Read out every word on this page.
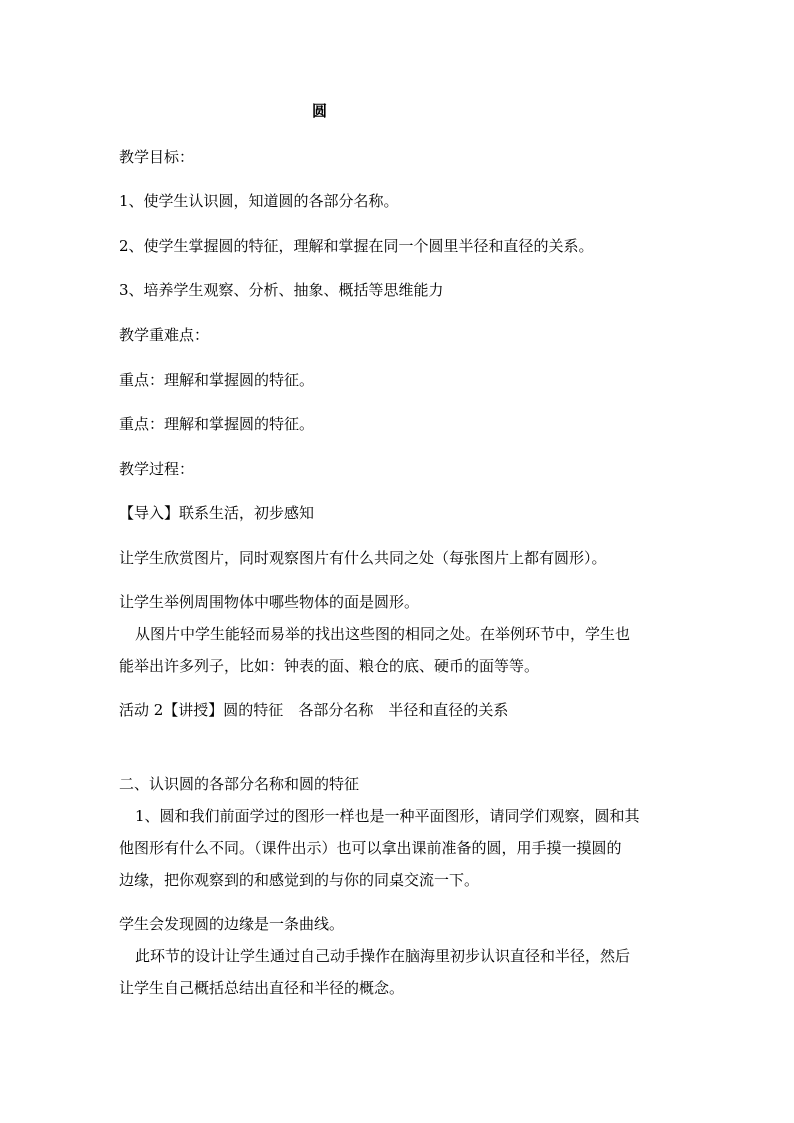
圆
教学目标：
1、使学生认识圆，知道圆的各部分名称。
2、使学生掌握圆的特征，理解和掌握在同一个圆里半径和直径的关系。
3、培养学生观察、分析、抽象、概括等思维能力
教学重难点：
重点：理解和掌握圆的特征。
重点：理解和掌握圆的特征。
教学过程：
【导入】联系生活，初步感知
让学生欣赏图片，同时观察图片有什么共同之处（每张图片上都有圆形）。
让学生举例周围物体中哪些物体的面是圆形。
从图片中学生能轻而易举的找出这些图的相同之处。在举例环节中，学生也
能举出许多列子，比如：钟表的面、粮仓的底、硬币的面等等。
活动 2【讲授】圆的特征　各部分名称　半径和直径的关系
二、认识圆的各部分名称和圆的特征
1、圆和我们前面学过的图形一样也是一种平面图形，请同学们观察，圆和其
他图形有什么不同。（课件出示）也可以拿出课前准备的圆，用手摸一摸圆的
边缘，把你观察到的和感觉到的与你的同桌交流一下。
学生会发现圆的边缘是一条曲线。
此环节的设计让学生通过自己动手操作在脑海里初步认识直径和半径，然后
让学生自己概括总结出直径和半径的概念。
